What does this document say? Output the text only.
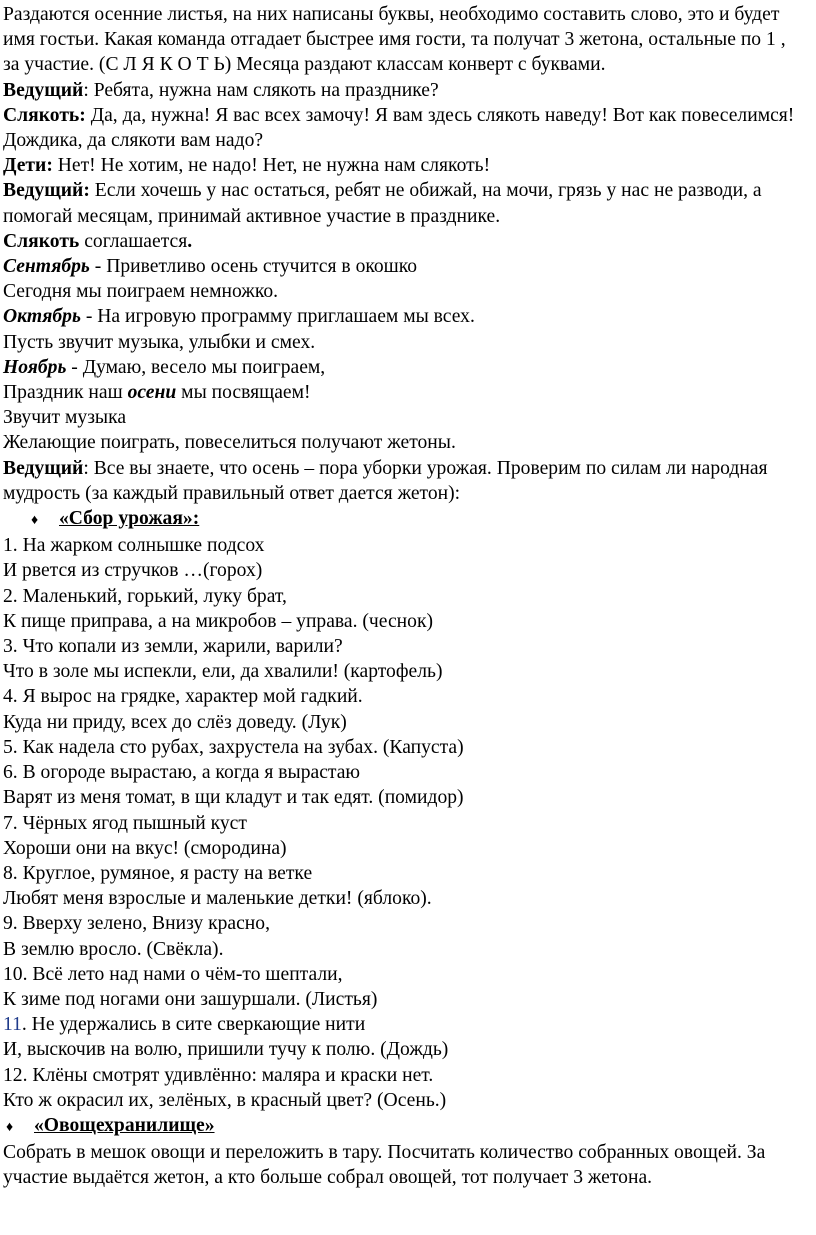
Раздаются осенние листья, на них написаны буквы, необходимо составить слово, это и будет имя гостьи. Какая команда отгадает быстрее имя гости, та получат 3 жетона, остальные по 1 , за участие. (С Л Я К О Т Ь) Месяца раздают классам конверт с буквами.

Ведущий: Ребята, нужна нам слякоть на празднике?

Слякоть: Да, да, нужна! Я вас всех замочу! Я вам здесь слякоть наведу! Вот как повеселимся! Дождика, да слякоти вам надо?

Дети: Нет! Не хотим, не надо! Нет, не нужна нам слякоть!

Ведущий: Если хочешь у нас остаться, ребят не обижай, на мочи, грязь у нас не разводи, а помогай месяцам, принимай активное участие в празднике.

Слякоть соглашается.

Сентябрь - Приветливо осень стучится в окошко

Сегодня мы поиграем немножко.

Октябрь - На игровую программу приглашаем мы всех.

Пусть звучит музыка, улыбки и смех.

Ноябрь - Думаю, весело мы поиграем,

Праздник наш осени мы посвящаем!

Звучит музыка

Желающие поиграть, повеселиться получают жетоны.

Ведущий: Все вы знаете, что осень – пора уборки урожая. Проверим по силам ли народная мудрость (за каждый правильный ответ дается жетон):

♦	«Сбор урожая»:

1. На жарком солнышке подсох

И рвется из стручков …(горох)

2. Маленький, горький, луку брат,

К пище приправа, а на микробов – управа. (чеснок)

3. Что копали из земли, жарили, варили?

Что в золе мы испекли, ели, да хвалили! (картофель)

4. Я вырос на грядке, характер мой гадкий.

Куда ни приду, всех до слёз доведу. (Лук)

5. Как надела сто рубах, захрустела на зубах. (Капуста)

6. В огороде вырастаю, а когда я вырастаю

Варят из меня томат, в щи кладут и так едят. (помидор)

7. Чёрных ягод пышный куст

Хороши они на вкус! (смородина)

8. Круглое, румяное, я расту на ветке

Любят меня взрослые и маленькие детки! (яблоко).

9. Вверху зелено, Внизу красно,

В землю вросло. (Свёкла).

10. Всё лето над нами о чём-то шептали,

К зиме под ногами они зашуршали. (Листья)

11. Не удержались в сите сверкающие нити

И, выскочив на волю, пришили тучу к полю. (Дождь)

12. Клёны смотрят удивлённо: маляра и краски нет.

Кто ж окрасил их, зелёных, в красный цвет? (Осень.)

♦	«Овощехранилище»

Собрать в мешок овощи и переложить в тару. Посчитать количество собранных овощей. За участие выдаётся жетон, а кто больше собрал овощей, тот получает 3 жетона.
